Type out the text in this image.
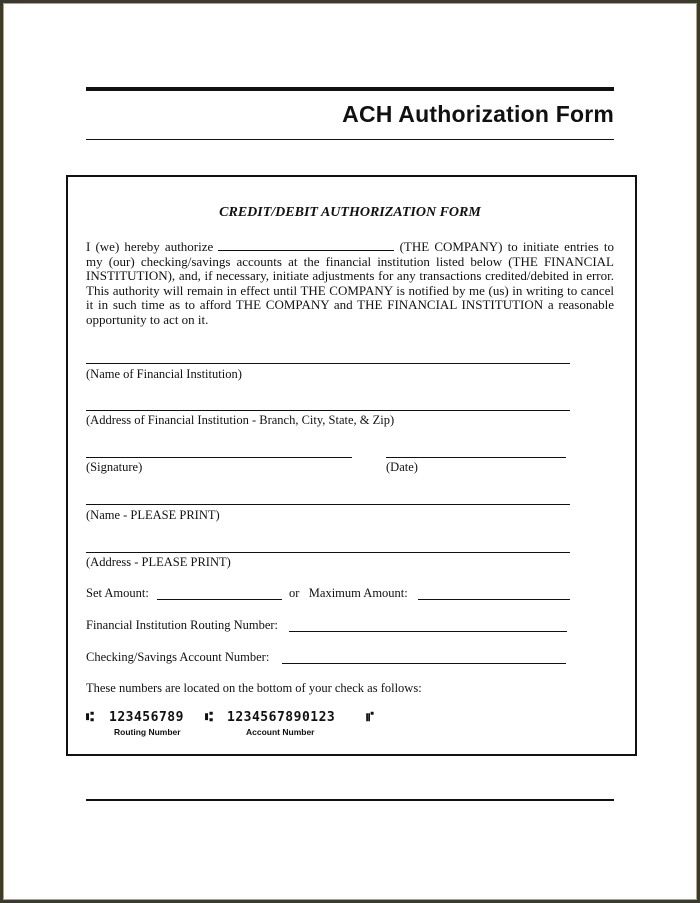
ACH Authorization Form
CREDIT/DEBIT AUTHORIZATION FORM
I (we) hereby authorize	(THE COMPANY) to initiate entries to my (our) checking/savings accounts at the financial institution listed below (THE FINANCIAL INSTITUTION), and, if necessary, initiate adjustments for any transactions credited/debited in error. This authority will remain in effect until THE COMPANY is notified by me (us) in writing to cancel it in such time as to afford THE COMPANY and THE FINANCIAL INSTITUTION a reasonable opportunity to act on it.
(Name of Financial Institution)
(Address of Financial Institution - Branch, City, State, & Zip)
(Signature)	(Date)
(Name - PLEASE PRINT)
(Address - PLEASE PRINT)
Set Amount:	or   Maximum Amount:
Financial Institution Routing Number:
Checking/Savings Account Number:
These numbers are located on the bottom of your check as follows:
⑆ 123456789 ⑆ 1234567890123 ⑈
Routing Number	Account Number
